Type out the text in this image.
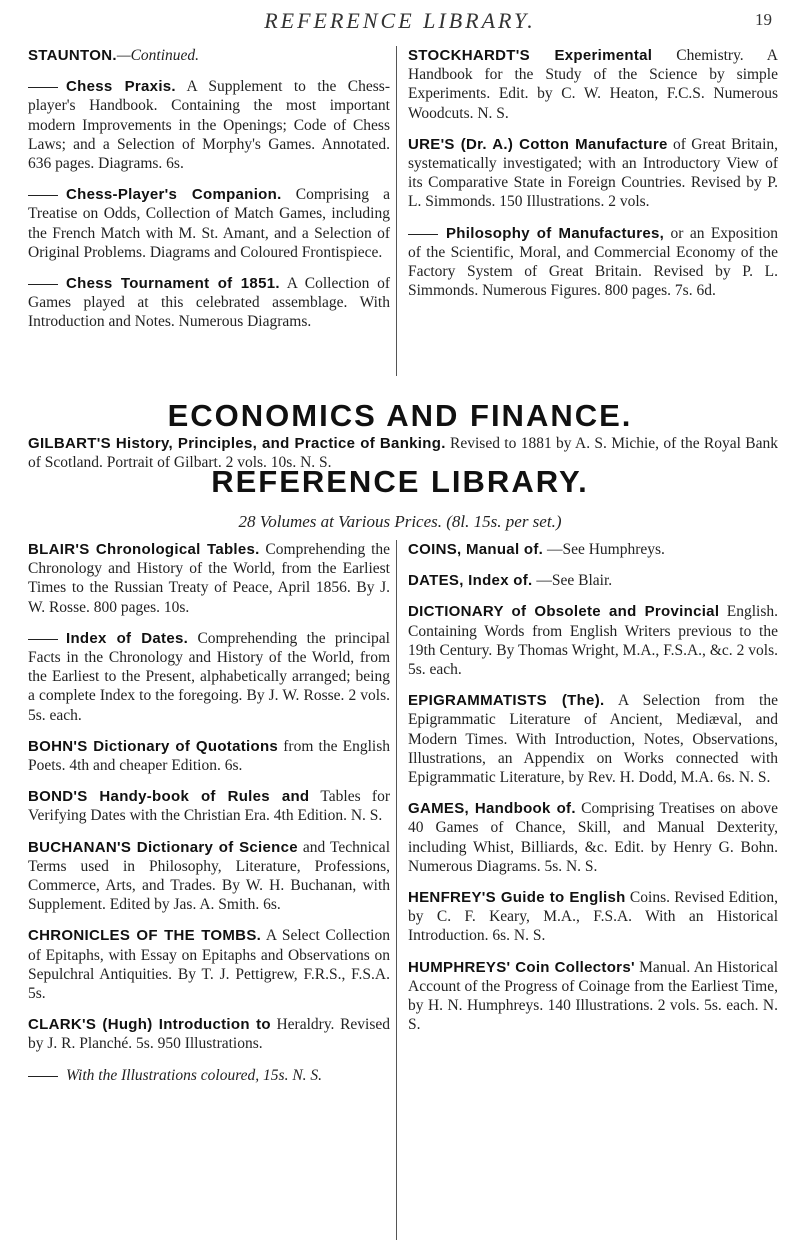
REFERENCE LIBRARY.	19
STAUNTON.—Continued.
Chess Praxis. A Supplement to the Chess-player's Handbook. Containing the most important modern Improvements in the Openings; Code of Chess Laws; and a Selection of Morphy's Games. Annotated. 636 pages. Diagrams. 6s.
Chess-Player's Companion. Comprising a Treatise on Odds, Collection of Match Games, including the French Match with M. St. Amant, and a Selection of Original Problems. Diagrams and Coloured Frontispiece.
Chess Tournament of 1851. A Collection of Games played at this celebrated assemblage. With Introduction and Notes. Numerous Diagrams.
STOCKHARDT'S Experimental Chemistry. A Handbook for the Study of the Science by simple Experiments. Edit. by C. W. Heaton, F.C.S. Numerous Woodcuts. N. S.
URE'S (Dr. A.) Cotton Manufacture of Great Britain, systematically investigated; with an Introductory View of its Comparative State in Foreign Countries. Revised by P. L. Simmonds. 150 Illustrations. 2 vols.
Philosophy of Manufactures, or an Exposition of the Scientific, Moral, and Commercial Economy of the Factory System of Great Britain. Revised by P. L. Simmonds. Numerous Figures. 800 pages. 7s. 6d.
ECONOMICS AND FINANCE.
GILBART'S History, Principles, and Practice of Banking. Revised to 1881 by A. S. Michie, of the Royal Bank of Scotland. Portrait of Gilbart. 2 vols. 10s. N. S.
REFERENCE LIBRARY.
28 Volumes at Various Prices. (8l. 15s. per set.)
BLAIR'S Chronological Tables. Comprehending the Chronology and History of the World, from the Earliest Times to the Russian Treaty of Peace, April 1856. By J. W. Rosse. 800 pages. 10s.
Index of Dates. Comprehending the principal Facts in the Chronology and History of the World, from the Earliest to the Present, alphabetically arranged; being a complete Index to the foregoing. By J. W. Rosse. 2 vols. 5s. each.
BOHN'S Dictionary of Quotations from the English Poets. 4th and cheaper Edition. 6s.
BOND'S Handy-book of Rules and Tables for Verifying Dates with the Christian Era. 4th Edition. N. S.
BUCHANAN'S Dictionary of Science and Technical Terms used in Philosophy, Literature, Professions, Commerce, Arts, and Trades. By W. H. Buchanan, with Supplement. Edited by Jas. A. Smith. 6s.
CHRONICLES OF THE TOMBS. A Select Collection of Epitaphs, with Essay on Epitaphs and Observations on Sepulchral Antiquities. By T. J. Pettigrew, F.R.S., F.S.A. 5s.
CLARK'S (Hugh) Introduction to Heraldry. Revised by J. R. Planché. 5s. 950 Illustrations.
With the Illustrations coloured, 15s. N. S.
COINS, Manual of. —See Humphreys.
DATES, Index of. —See Blair.
DICTIONARY of Obsolete and Provincial English. Containing Words from English Writers previous to the 19th Century. By Thomas Wright, M.A., F.S.A., &c. 2 vols. 5s. each.
EPIGRAMMATISTS (The). A Selection from the Epigrammatic Literature of Ancient, Mediæval, and Modern Times. With Introduction, Notes, Observations, Illustrations, an Appendix on Works connected with Epigrammatic Literature, by Rev. H. Dodd, M.A. 6s. N. S.
GAMES, Handbook of. Comprising Treatises on above 40 Games of Chance, Skill, and Manual Dexterity, including Whist, Billiards, &c. Edit. by Henry G. Bohn. Numerous Diagrams. 5s. N. S.
HENFREY'S Guide to English Coins. Revised Edition, by C. F. Keary, M.A., F.S.A. With an Historical Introduction. 6s. N. S.
HUMPHREYS' Coin Collectors' Manual. An Historical Account of the Progress of Coinage from the Earliest Time, by H. N. Humphreys. 140 Illustrations. 2 vols. 5s. each. N. S.
